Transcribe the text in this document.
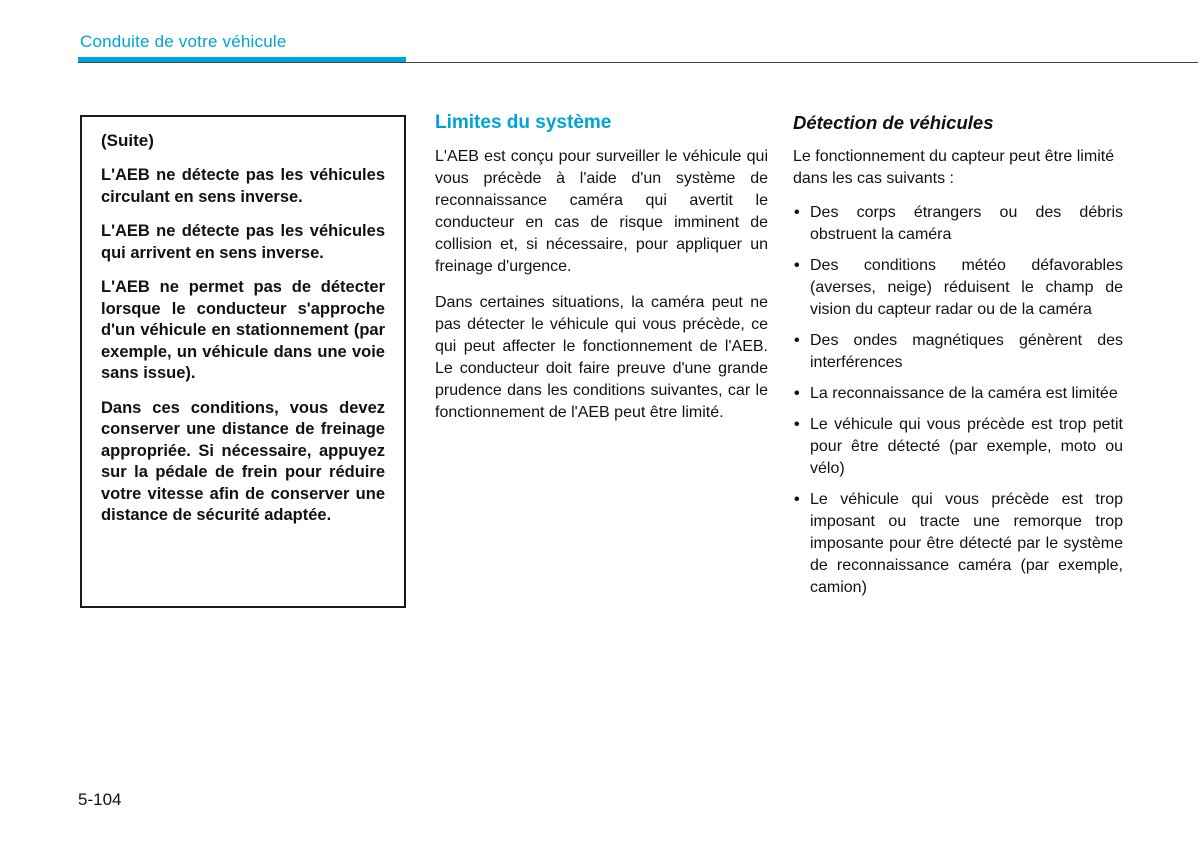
Conduite de votre véhicule
(Suite)

L'AEB ne détecte pas les véhicules circulant en sens inverse.

L'AEB ne détecte pas les véhicules qui arrivent en sens inverse.

L'AEB ne permet pas de détecter lorsque le conducteur s'approche d'un véhicule en stationnement (par exemple, un véhicule dans une voie sans issue).

Dans ces conditions, vous devez conserver une distance de freinage appropriée. Si nécessaire, appuyez sur la pédale de frein pour réduire votre vitesse afin de conserver une distance de sécurité adaptée.

Limites du système

L'AEB est conçu pour surveiller le véhicule qui vous précède à l'aide d'un système de reconnaissance caméra qui avertit le conducteur en cas de risque imminent de collision et, si nécessaire, pour appliquer un freinage d'urgence.

Dans certaines situations, la caméra peut ne pas détecter le véhicule qui vous précède, ce qui peut affecter le fonctionnement de l'AEB. Le conducteur doit faire preuve d'une grande prudence dans les conditions suivantes, car le fonctionnement de l'AEB peut être limité.

Détection de véhicules

Le fonctionnement du capteur peut être limité dans les cas suivants :

• Des corps étrangers ou des débris obstruent la caméra
• Des conditions météo défavorables (averses, neige) réduisent le champ de vision du capteur radar ou de la caméra
• Des ondes magnétiques génèrent des interférences
• La reconnaissance de la caméra est limitée
• Le véhicule qui vous précède est trop petit pour être détecté (par exemple, moto ou vélo)
• Le véhicule qui vous précède est trop imposant ou tracte une remorque trop imposante pour être détecté par le système de reconnaissance caméra (par exemple, camion)
5-104
